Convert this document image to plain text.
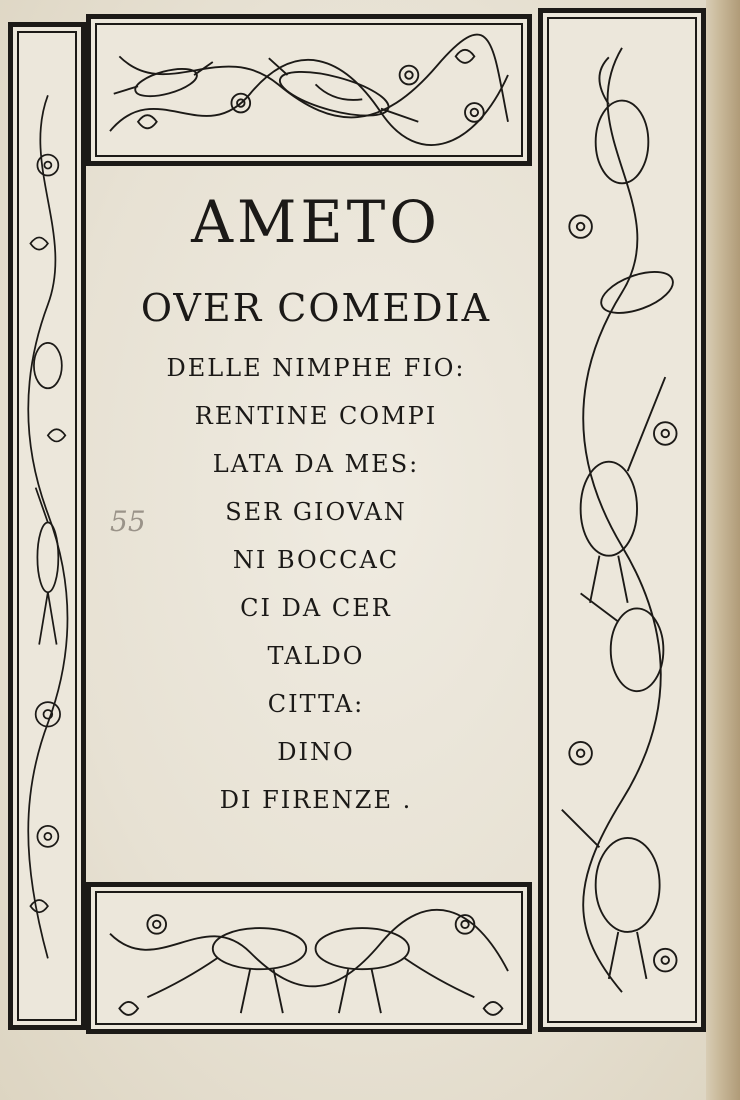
AMETO
OVER COMEDIA
DELLE NIMPHE FIO:
RENTINE COMPI
LATA DA MES:
SER GIOVAN
NI BOCCAC
CI DA CER
TALDO
CITTA:
DINO
DI FIRENZE .
55
